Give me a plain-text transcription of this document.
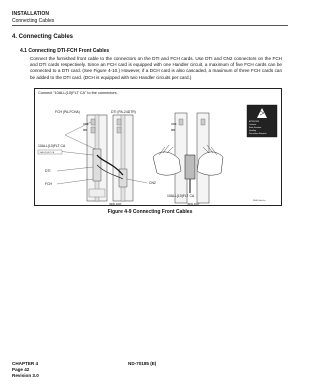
INSTALLATION
Connecting Cables
4. Connecting Cables
4.1 Connecting DTI-FCH Front Cables
Connect the furnished front cable to the connectors on the DTI and FCH cards. Use DTI and CN2 connectors on the FCH and DTI cards respectively. Since an FCH card is equipped with one Handler circuit, a maximum of five FCH cards can be connected to a DTI card. (See Figure 4-10.) However, if a DCH card is also cascaded, a maximum of three FCH cards can be added to the DTI card. (DCH is equipped with two Handler circuits per card.)
Connect "10ALL(10)FLT CA" to the connectors.
FCH (PA-FCHA)	DTI (PA-24DTR)
OPE
MB
10ALL(10)FLT CA
10ALL(10)FLT CA
DTI
FCH	CN2
ISDN DCP
OPE
MB
10ALL(10)FLT CA
ISDN DCP
NDA-Cable-0xx
ATTENTION
Contents
Static Sensitive
Handling
Precautions Required
Figure 4-9 Connecting Front Cables
CHAPTER 4
Page 42
Revision 3.0
ND-70185 (E)
